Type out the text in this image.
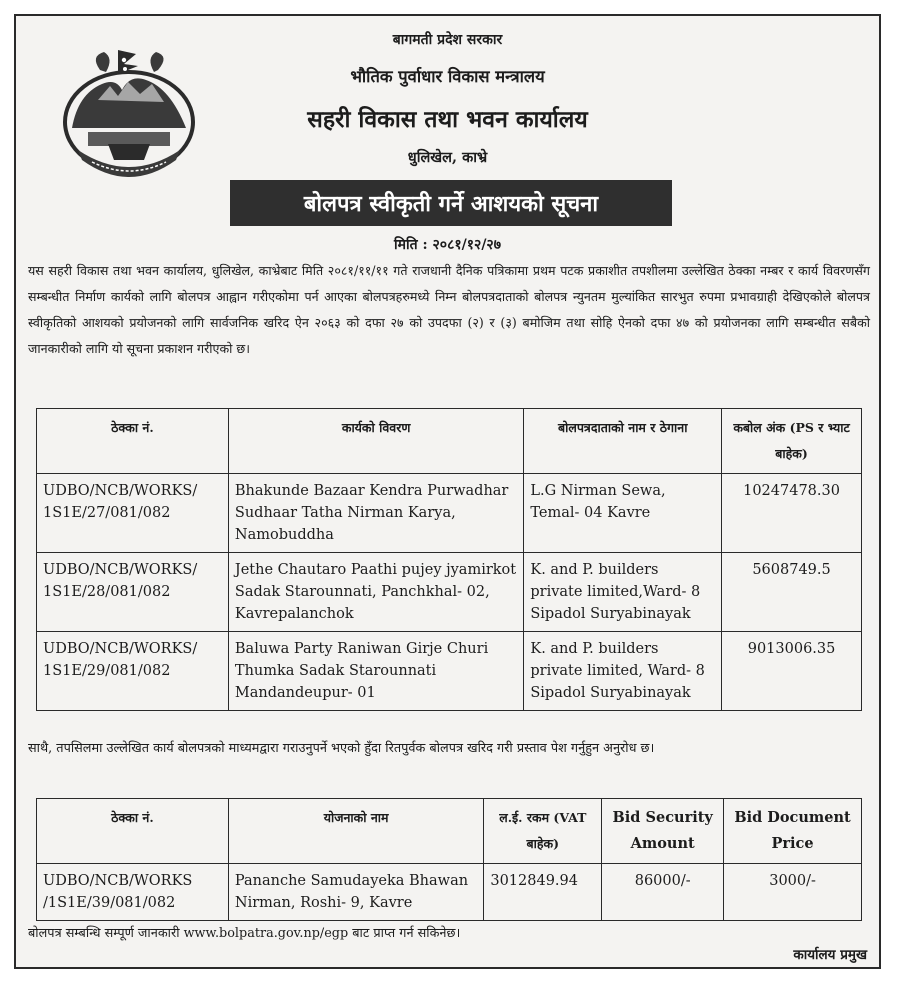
बागमती प्रदेश सरकार
भौतिक पुर्वाधार विकास मन्त्रालय
सहरी विकास तथा भवन कार्यालय
धुलिखेल, काभ्रे
बोलपत्र स्वीकृती गर्ने आशयको सूचना
मिति : २०८१/१२/२७

यस सहरी विकास तथा भवन कार्यालय, धुलिखेल, काभ्रेबाट मिति २०८१/११/११ गते राजधानी दैनिक पत्रिकामा प्रथम पटक प्रकाशीत तपशीलमा उल्लेखित ठेक्का नम्बर र कार्य विवरणसँग सम्बन्धीत निर्माण कार्यको लागि बोलपत्र आह्वान गरीएकोमा पर्न आएका बोलपत्रहरुमध्ये निम्न बोलपत्रदाताको बोलपत्र न्युनतम मुल्यांकित सारभुत रुपमा प्रभावग्राही देखिएकोले बोलपत्र स्वीकृतिको आशयको प्रयोजनको लागि सार्वजनिक खरिद ऐन २०६३ को दफा २७ को उपदफा (२) र (३) बमोजिम तथा सोहि ऐनको दफा ४७ को प्रयोजनका लागि सम्बन्धीत सबैको जानकारीको लागि यो सूचना प्रकाशन गरीएको छ।

ठेक्का नं.	कार्यको विवरण	बोलपत्रदाताको नाम र ठेगाना	कबोल अंक (PS र भ्याट बाहेक)
UDBO/NCB/WORKS/ 1S1E/27/081/082	Bhakunde Bazaar Kendra Purwadhar Sudhaar Tatha Nirman Karya, Namobuddha	L.G Nirman Sewa, Temal- 04 Kavre	10247478.30
UDBO/NCB/WORKS/ 1S1E/28/081/082	Jethe Chautaro Paathi pujey jyamirkot Sadak Starounnati, Panchkhal- 02, Kavrepalanchok	K. and P. builders private limited,Ward- 8 Sipadol Suryabinayak	5608749.5
UDBO/NCB/WORKS/ 1S1E/29/081/082	Baluwa Party Raniwan Girje Churi Thumka Sadak Starounnati Mandandeupur- 01	K. and P. builders private limited, Ward- 8 Sipadol Suryabinayak	9013006.35

साथै, तपसिलमा उल्लेखित कार्य बोलपत्रको माध्यमद्वारा गराउनुपर्ने भएको हुँदा रितपुर्वक बोलपत्र खरिद गरी प्रस्ताव पेश गर्नुहुन अनुरोध छ।

ठेक्का नं.	योजनाको नाम	ल.ई. रकम (VAT बाहेक)	Bid Security Amount	Bid Document Price
UDBO/NCB/WORKS /1S1E/39/081/082	Pananche Samudayeka Bhawan Nirman, Roshi- 9, Kavre	3012849.94	86000/-	3000/-

बोलपत्र सम्बन्धि सम्पूर्ण जानकारी www.bolpatra.gov.np/egp बाट प्राप्त गर्न सकिनेछ।

कार्यालय प्रमुख
